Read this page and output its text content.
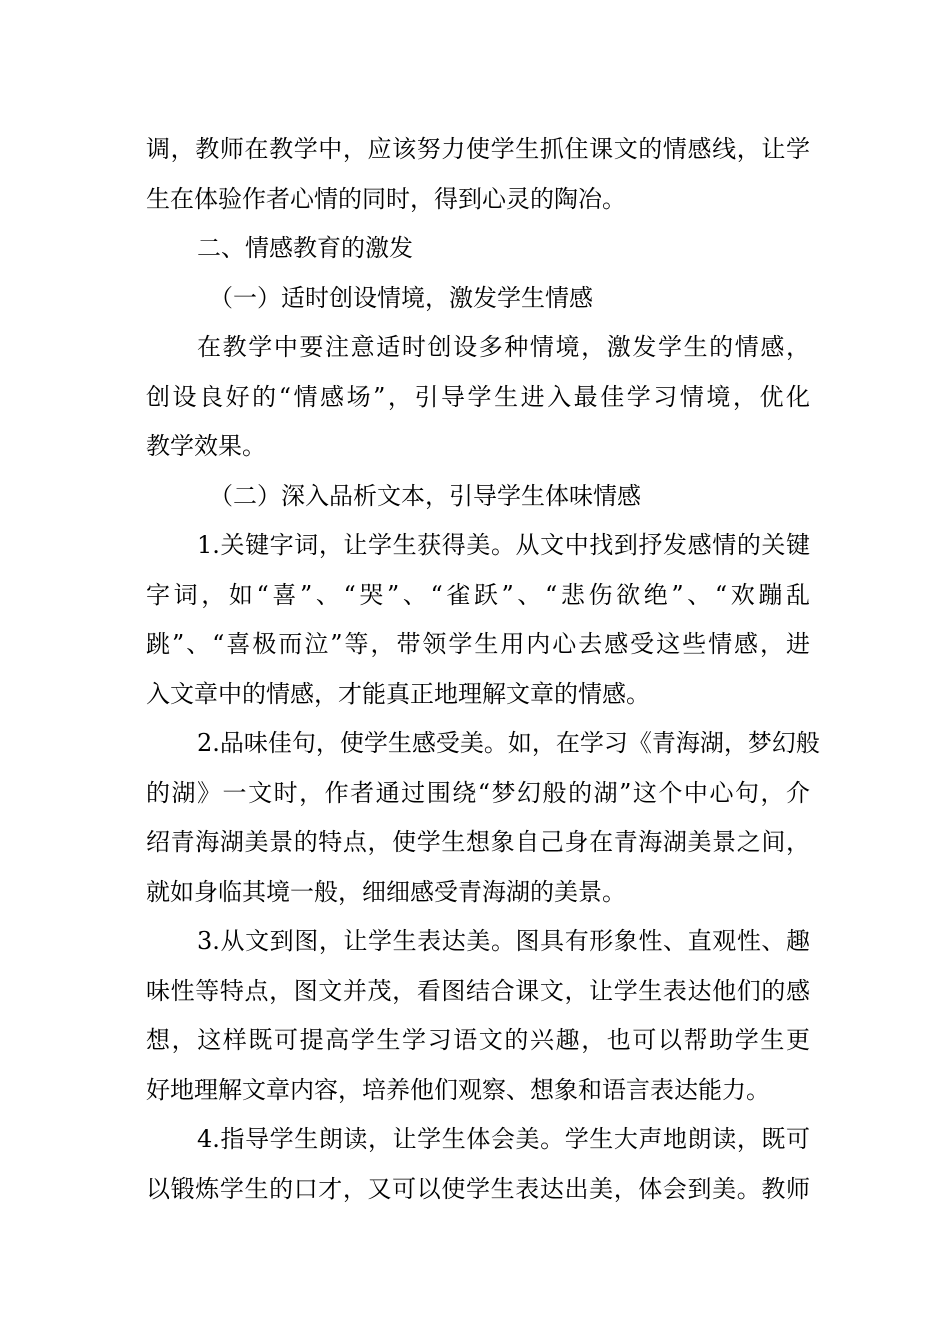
调，教师在教学中，应该努力使学生抓住课文的情感线，让学
生在体验作者心情的同时，得到心灵的陶冶。
二、情感教育的激发
（一）适时创设情境，激发学生情感
在教学中要注意适时创设多种情境，激发学生的情感，
创设良好的“情感场”，引导学生进入最佳学习情境，优化
教学效果。
（二）深入品析文本，引导学生体味情感
1.关键字词，让学生获得美。从文中找到抒发感情的关键
字词，如“喜”、“哭”、“雀跃”、“悲伤欲绝”、“欢蹦乱
跳”、“喜极而泣”等，带领学生用内心去感受这些情感，进
入文章中的情感，才能真正地理解文章的情感。
2.品味佳句，使学生感受美。如，在学习《青海湖，梦幻般
的湖》一文时，作者通过围绕“梦幻般的湖”这个中心句，介
绍青海湖美景的特点，使学生想象自己身在青海湖美景之间，
就如身临其境一般，细细感受青海湖的美景。
3.从文到图，让学生表达美。图具有形象性、直观性、趣
味性等特点，图文并茂，看图结合课文，让学生表达他们的感
想，这样既可提高学生学习语文的兴趣，也可以帮助学生更
好地理解文章内容，培养他们观察、想象和语言表达能力。
4.指导学生朗读，让学生体会美。学生大声地朗读，既可
以锻炼学生的口才，又可以使学生表达出美，体会到美。教师
